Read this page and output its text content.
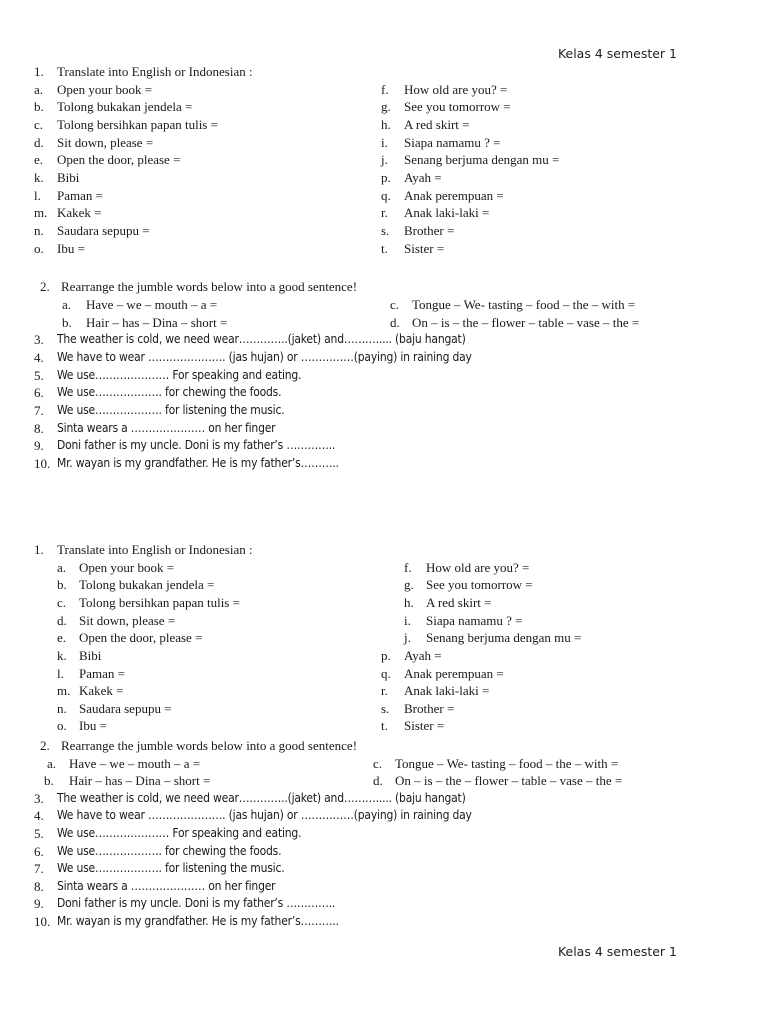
Kelas 4 semester 1
1. Translate into English or Indonesian :
a. Open your book =
b. Tolong bukakan jendela =
c. Tolong bersihkan papan tulis =
d. Sit down, please =
e. Open the door, please =
k. Bibi
l. Paman =
m. Kakek =
n. Saudara sepupu =
o. Ibu =
f. How old are you? =
g. See you tomorrow =
h. A red skirt =
i. Siapa namamu ? =
j. Senang berjuma dengan mu =
p. Ayah =
q. Anak perempuan =
r. Anak laki-laki =
s. Brother =
t. Sister =
2. Rearrange the jumble words below into a good sentence!
a. Have – we – mouth – a =
b. Hair – has – Dina – short =
c. Tongue – We- tasting – food – the – with =
d. On – is – the – flower – table – vase – the =
3. The weather is cold, we need wear…………..(jaket) and………..... (baju hangat)
4. We have to wear …………………. (jas hujan) or ……………(paying) in raining day
5. We use………………… For speaking and eating.
6. We use………………. for chewing the foods.
7. We use………………. for listening the music.
8. Sinta wears a ………………… on her finger
9. Doni father is my uncle. Doni is my father’s …………..
10. Mr. wayan is my grandfather. He is my father’s………..
1. Translate into English or Indonesian :
a. Open your book =
b. Tolong bukakan jendela =
c. Tolong bersihkan papan tulis =
d. Sit down, please =
e. Open the door, please =
k. Bibi
l. Paman =
m. Kakek =
n. Saudara sepupu =
o. Ibu =
f. How old are you? =
g. See you tomorrow =
h. A red skirt =
i. Siapa namamu ? =
j. Senang berjuma dengan mu =
p. Ayah =
q. Anak perempuan =
r. Anak laki-laki =
s. Brother =
t. Sister =
2. Rearrange the jumble words below into a good sentence!
a. Have – we – mouth – a =
b. Hair – has – Dina – short =
c. Tongue – We- tasting – food – the – with =
d. On – is – the – flower – table – vase – the =
3. The weather is cold, we need wear…………..(jaket) and………..... (baju hangat)
4. We have to wear …………………. (jas hujan) or ……………(paying) in raining day
5. We use………………… For speaking and eating.
6. We use………………. for chewing the foods.
7. We use………………. for listening the music.
8. Sinta wears a ………………… on her finger
9. Doni father is my uncle. Doni is my father’s …………..
10. Mr. wayan is my grandfather. He is my father’s………..
Kelas 4 semester 1
